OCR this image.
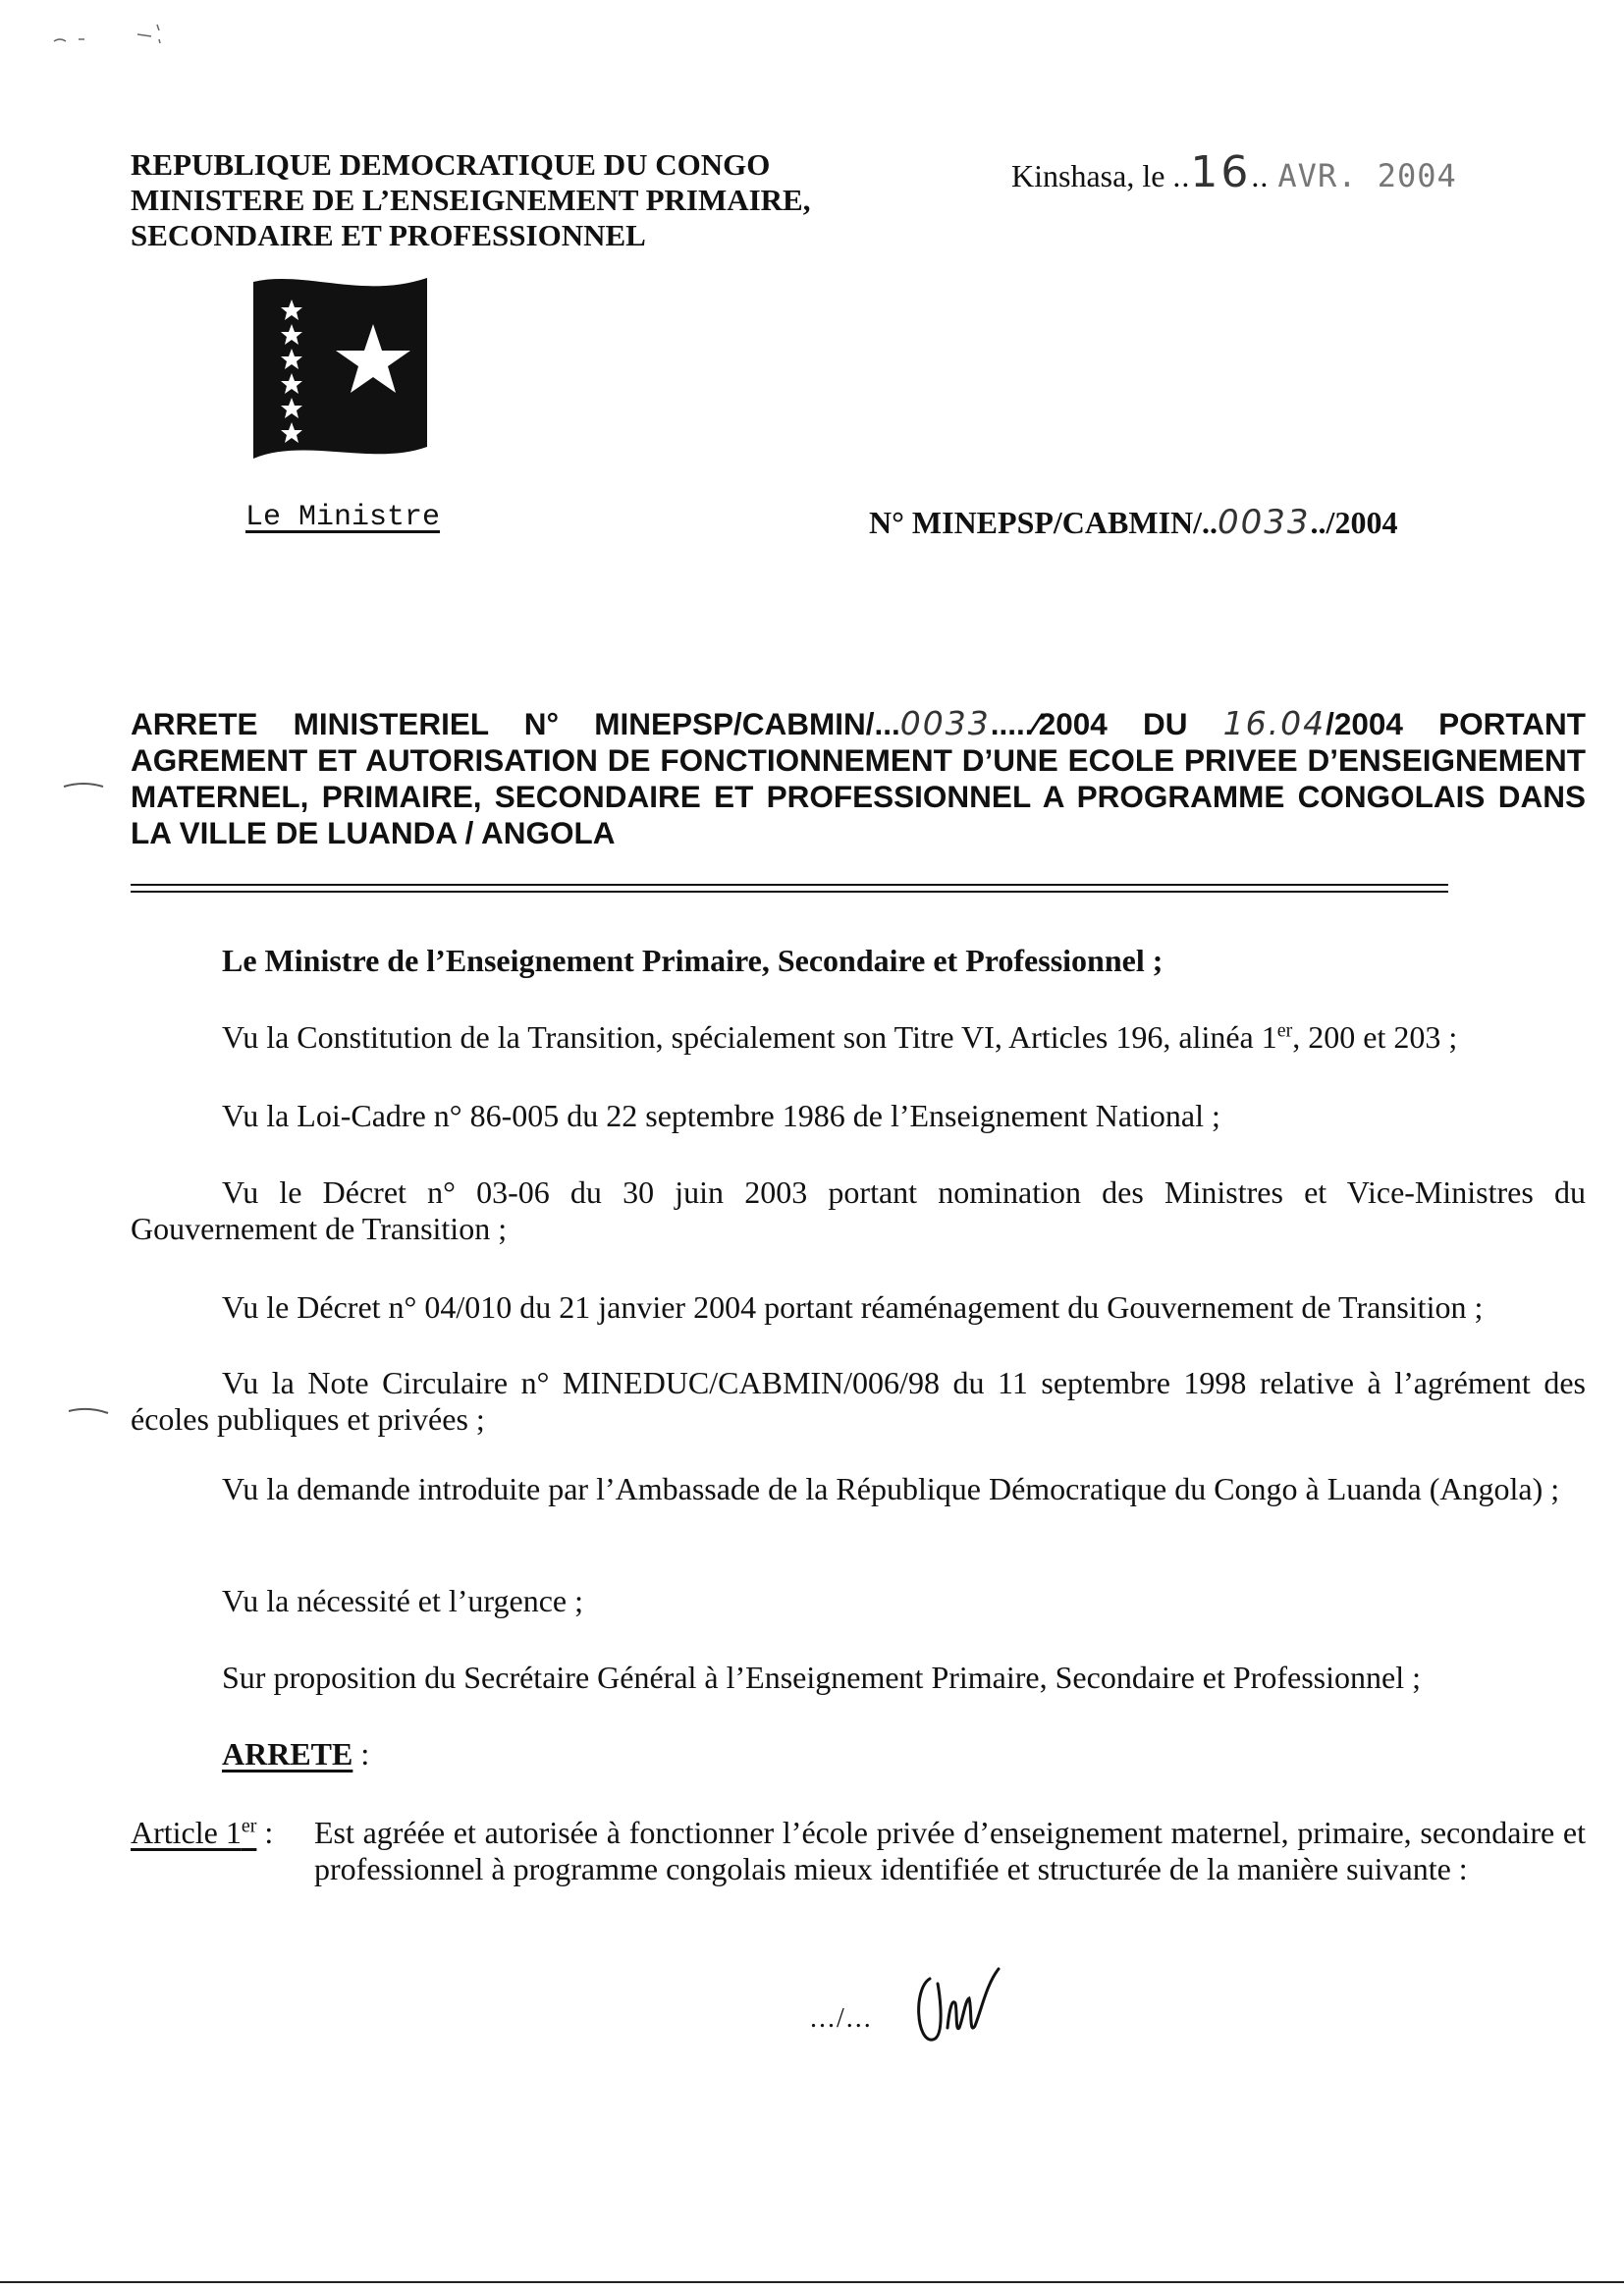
REPUBLIQUE DEMOCRATIQUE DU CONGO
MINISTERE DE L’ENSEIGNEMENT PRIMAIRE,
SECONDAIRE ET PROFESSIONNEL
Kinshasa, le ..16.. AVR. 2004
Le Ministre	N° MINEPSP/CABMIN/..0033../2004
ARRETE MINISTERIEL N° MINEPSP/CABMIN/...0033.....⁄2004 DU 16.04/2004 PORTANT AGREMENT ET AUTORISATION DE FONCTIONNEMENT D’UNE ECOLE PRIVEE D’ENSEIGNEMENT MATERNEL, PRIMAIRE, SECONDAIRE ET PROFESSIONNEL A PROGRAMME CONGOLAIS DANS LA VILLE DE LUANDA / ANGOLA
Le Ministre de l’Enseignement Primaire, Secondaire et Professionnel ;
Vu la Constitution de la Transition, spécialement son Titre VI, Articles 196, alinéa 1er, 200 et 203 ;
Vu la Loi-Cadre n° 86-005 du 22 septembre 1986 de l’Enseignement National ;
Vu le Décret n° 03-06 du 30 juin 2003 portant nomination des Ministres et Vice-Ministres du Gouvernement de Transition ;
Vu le Décret n° 04/010 du 21 janvier 2004 portant réaménagement du Gouvernement de Transition ;
Vu la Note Circulaire n° MINEDUC/CABMIN/006/98 du 11 septembre 1998 relative à l’agrément des écoles publiques et privées ;
Vu la demande introduite par l’Ambassade de la République Démocratique du Congo à Luanda (Angola) ;
Vu la nécessité et l’urgence ;
Sur proposition du Secrétaire Général à l’Enseignement Primaire, Secondaire et Professionnel ;
ARRETE :
Article 1er : Est agréée et autorisée à fonctionner l’école privée d’enseignement maternel, primaire, secondaire et professionnel à programme congolais mieux identifiée et structurée de la manière suivante :
.../...
